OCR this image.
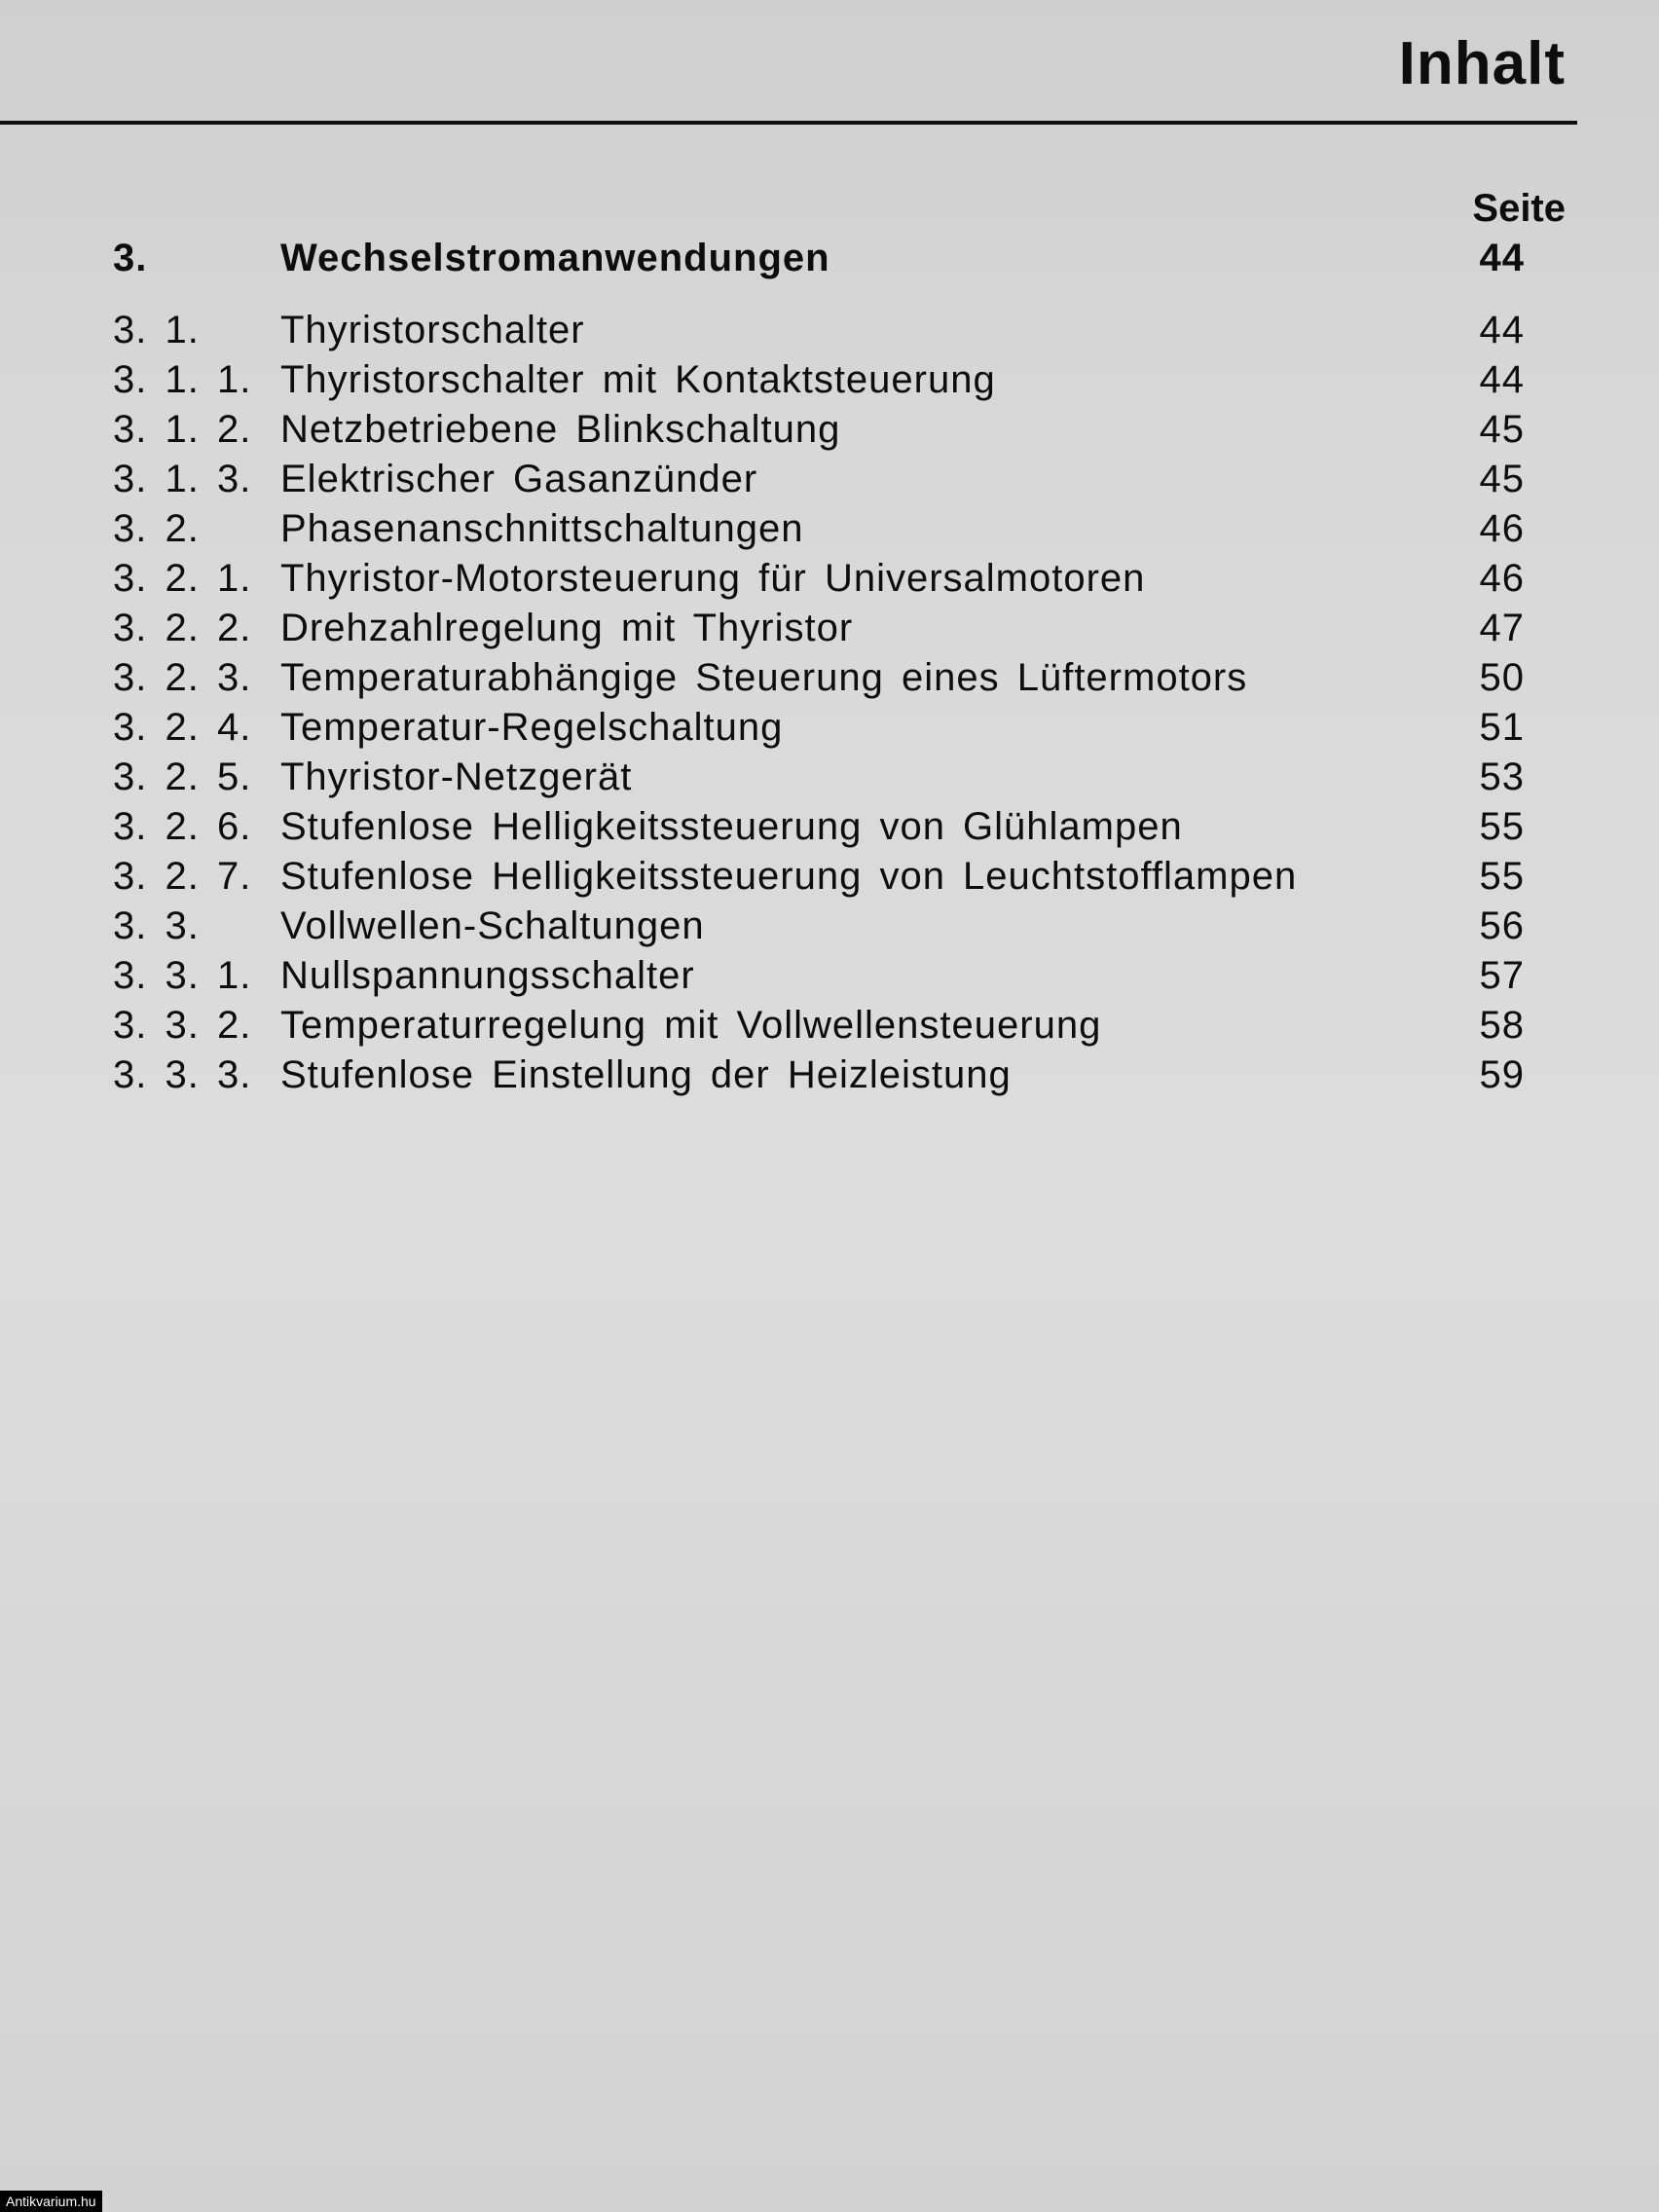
Inhalt
Seite
3.	Wechselstromanwendungen	44
3. 1. Thyristorschalter	44
3. 1. 1. Thyristorschalter mit Kontaktsteuerung	44
3. 1. 2. Netzbetriebene Blinkschaltung	45
3. 1. 3. Elektrischer Gasanzünder	45
3. 2. Phasenanschnittschaltungen	46
3. 2. 1. Thyristor-Motorsteuerung für Universalmotoren	46
3. 2. 2. Drehzahlregelung mit Thyristor	47
3. 2. 3. Temperaturabhängige Steuerung eines Lüftermotors	50
3. 2. 4. Temperatur-Regelschaltung	51
3. 2. 5. Thyristor-Netzgerät	53
3. 2. 6. Stufenlose Helligkeitssteuerung von Glühlampen	55
3. 2. 7. Stufenlose Helligkeitssteuerung von Leuchtstofflampen	55
3. 3. Vollwellen-Schaltungen	56
3. 3. 1. Nullspannungsschalter	57
3. 3. 2. Temperaturregelung mit Vollwellensteuerung	58
3. 3. 3. Stufenlose Einstellung der Heizleistung	59
Antikvarium.hu
